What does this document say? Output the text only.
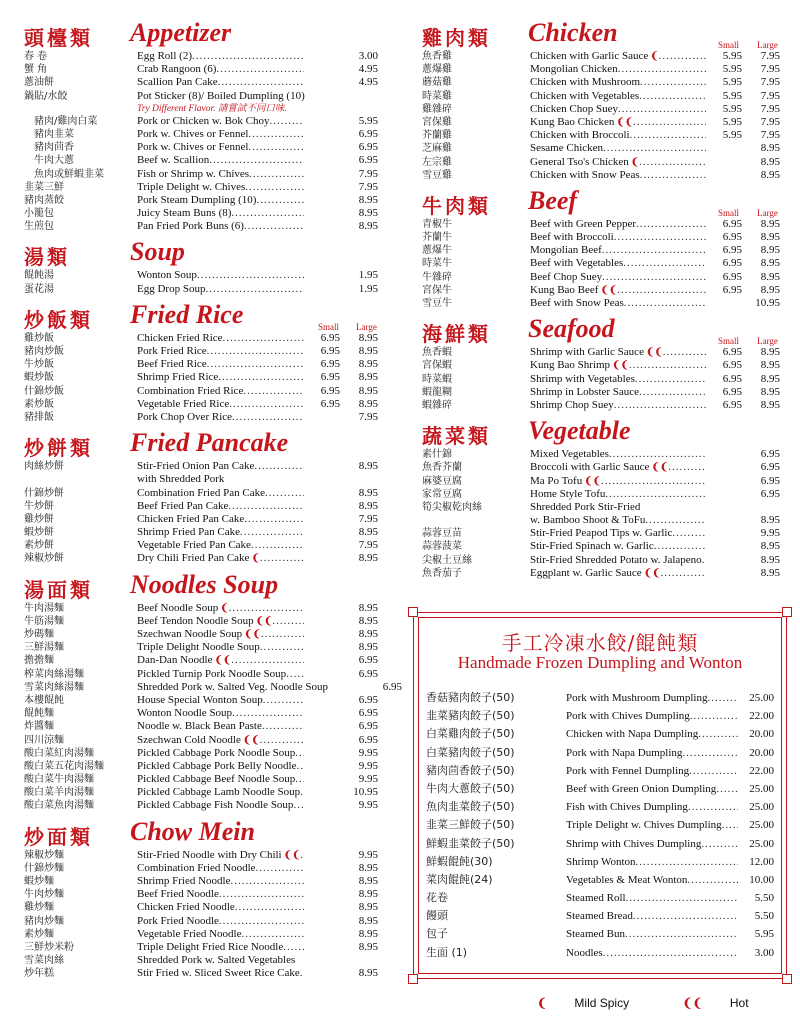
頭檯類 Appetizer
春 卷	Egg Roll (2) .....	3.00
蟹 角	Crab Rangoon (6) .....	4.95
蔥油餅	Scallion Pan Cake .....	4.95
鍋貼/水餃	Pot Sticker (8)/ Boiled Dumpling (10)
Try Different Flavor. 請嘗試不同口味.
豬肉/雞肉白菜	Pork or Chicken w. Bok Choy .....	5.95
豬肉韭菜	Pork w. Chives or Fennel .....	6.95
豬肉茴香	Pork w. Chives or Fennel .....	6.95
牛肉大蔥	Beef w. Scallion .....	6.95
魚肉或鮮蝦韭菜	Fish or Shrimp w. Chives .....	7.95
韭菜三鮮	Triple Delight w. Chives .....	7.95
豬肉蒸餃	Pork Steam Dumpling (10) .....	8.95
小籠包	Juicy Steam Buns (8) .....	8.95
生煎包	Pan Fried Pork Buns (6) .....	8.95
湯類 Soup
餛飩湯	Wonton Soup .....	1.95
蛋花湯	Egg Drop Soup .....	1.95
炒飯類 Fried Rice	Small Large
雞炒飯	Chicken Fried Rice .....	6.95	8.95
豬肉炒飯	Pork Fried Rice .....	6.95	8.95
牛炒飯	Beef Fried Rice .....	6.95	8.95
蝦炒飯	Shrimp Fried Rice .....	6.95	8.95
什錦炒飯	Combination Fried Rice .....	6.95	8.95
素炒飯	Vegetable Fried Rice .....	6.95	8.95
豬排飯	Pork Chop Over Rice .....	7.95
炒餅類 Fried Pancake
肉絲炒餅	Stir-Fried Onion Pan Cake .....	8.95
with Shredded Pork
什錦炒餅	Combination Fried Pan Cake .....	8.95
牛炒餅	Beef Fried Pan Cake .....	8.95
雞炒餅	Chicken Fried Pan Cake .....	7.95
蝦炒餅	Shrimp Fried Pan Cake .....	8.95
素炒餅	Vegetable Fried Pan Cake .....	7.95
辣椒炒餅	Dry Chili Fried Pan Cake ❨ .....	8.95
湯面類 Noodles Soup
牛肉湯麵	Beef Noodle Soup ❨ .....	8.95
牛筋湯麵	Beef Tendon Noodle Soup ❨❨ .....	8.95
炒碼麵	Szechwan Noodle Soup ❨❨ .....	8.95
三鮮湯麵	Triple Delight Noodle Soup .....	8.95
擔擔麵	Dan-Dan Noodle ❨❨ .....	6.95
榨菜肉絲湯麵	Pickled Turnip Pork Noodle Soup .....	6.95
雪菜肉絲湯麵	Shredded Pork w. Salted Veg. Noodle Soup	6.95
本樓餛飩	House Special Wonton Soup .....	6.95
餛飩麵	Wonton Noodle Soup .....	6.95
炸醬麵	Noodle w. Black Bean Paste .....	6.95
四川涼麵	Szechwan Cold Noodle ❨❨ .....	6.95
酸白菜紅肉湯麵	Pickled Cabbage Pork Noodle Soup .....	9.95
酸白菜五花肉湯麵	Pickled Cabbage Pork Belly Noodle .....	9.95
酸白菜牛肉湯麵	Pickled Cabbage Beef Noodle Soup .....	9.95
酸白菜羊肉湯麵	Pickled Cabbage Lamb Noodle Soup .....	10.95
酸白菜魚肉湯麵	Pickled Cabbage Fish Noodle Soup .....	9.95
炒面類 Chow Mein
辣椒炒麵	Stir-Fried Noodle with Dry Chili ❨❨ .....	9.95
什錦炒麵	Combination Fried Noodle .....	8.95
蝦炒麵	Shrimp Fried Noodle .....	8.95
牛肉炒麵	Beef Fried Noodle .....	8.95
雞炒麵	Chicken Fried Noodle .....	8.95
豬肉炒麵	Pork Fried Noodle .....	8.95
素炒麵	Vegetable Fried Noodle .....	8.95
三鮮炒米粉	Triple Delight Fried Rice Noodle .....	8.95
雪菜肉絲	Shredded Pork w. Salted Vegetables
炒年糕	Stir Fried w. Sliced Sweet Rice Cake .....	8.95
雞肉類 Chicken	Small Large
魚香雞	Chicken with Garlic Sauce ❨ .....	5.95	7.95
蔥爆雞	Mongolian Chicken .....	5.95	7.95
蘑菇雞	Chicken with Mushroom .....	5.95	7.95
時菜雞	Chicken with Vegetables .....	5.95	7.95
雞雜碎	Chicken Chop Suey .....	5.95	7.95
宮保雞	Kung Bao Chicken ❨❨ .....	5.95	7.95
芥蘭雞	Chicken with Broccoli .....	5.95	7.95
芝麻雞	Sesame Chicken .....	8.95
左宗雞	General Tso's Chicken ❨ .....	8.95
雪豆雞	Chicken with Snow Peas .....	8.95
牛肉類 Beef	Small Large
青椒牛	Beef with Green Pepper .....	6.95	8.95
芥蘭牛	Beef with Broccoli .....	6.95	8.95
蔥爆牛	Mongolian Beef .....	6.95	8.95
時菜牛	Beef with Vegetables .....	6.95	8.95
牛雜碎	Beef Chop Suey .....	6.95	8.95
宮保牛	Kung Bao Beef ❨❨ .....	6.95	8.95
雪豆牛	Beef with Snow Peas .....	10.95
海鮮類 Seafood	Small Large
魚香蝦	Shrimp with Garlic Sauce ❨❨ .....	6.95	8.95
宮保蝦	Kung Bao Shrimp ❨❨ .....	6.95	8.95
時菜蝦	Shrimp with Vegetables .....	6.95	8.95
蝦龍糊	Shrimp in Lobster Sauce .....	6.95	8.95
蝦雜碎	Shrimp Chop Suey .....	6.95	8.95
蔬菜類 Vegetable
素什錦	Mixed Vegetables .....	6.95
魚香芥蘭	Broccoli with Garlic Sauce ❨❨ .....	6.95
麻婆豆腐	Ma Po Tofu ❨❨ .....	6.95
家常豆腐	Home Style Tofu .....	6.95
筍尖椒乾肉絲	Shredded Pork Stir-Fried
w. Bamboo Shoot & ToFu .....	8.95
蒜蓉豆苗	Stir-Fried Peapod Tips w. Garlic .....	9.95
蒜蓉菠菜	Stir-Fried Spinach w. Garlic .....	8.95
尖椒土豆絲	Stir-Fried Shredded Potato w. Jalapeno .....	8.95
魚香茄子	Eggplant w. Garlic Sauce ❨❨ .....	8.95
手工冷凍水餃/餛飩類
Handmade Frozen Dumpling and Wonton
香菇豬肉餃子(50)	Pork with Mushroom Dumpling .....	25.00
韭菜豬肉餃子(50)	Pork with Chives Dumpling .....	22.00
白菜雞肉餃子(50)	Chicken with Napa Dumpling .....	20.00
白菜豬肉餃子(50)	Pork with Napa Dumpling .....	20.00
豬肉茴香餃子(50)	Pork with Fennel Dumpling .....	22.00
牛肉大蔥餃子(50)	Beef with Green Onion Dumpling .....	25.00
魚肉韭菜餃子(50)	Fish with Chives Dumpling .....	25.00
韭菜三鮮餃子(50)	Triple Delight w. Chives Dumpling .....	25.00
鮮蝦韭菜餃子(50)	Shrimp with Chives Dumpling .....	25.00
鮮蝦餛飩(30)	Shrimp Wonton .....	12.00
菜肉餛飩(24)	Vegetables & Meat Wonton .....	10.00
花卷	Steamed Roll .....	5.50
饅頭	Steamed Bread .....	5.50
包子	Steamed Bun .....	5.95
生面 (1)	Noodles .....	3.00
❨ Mild Spicy	❨❨ Hot
